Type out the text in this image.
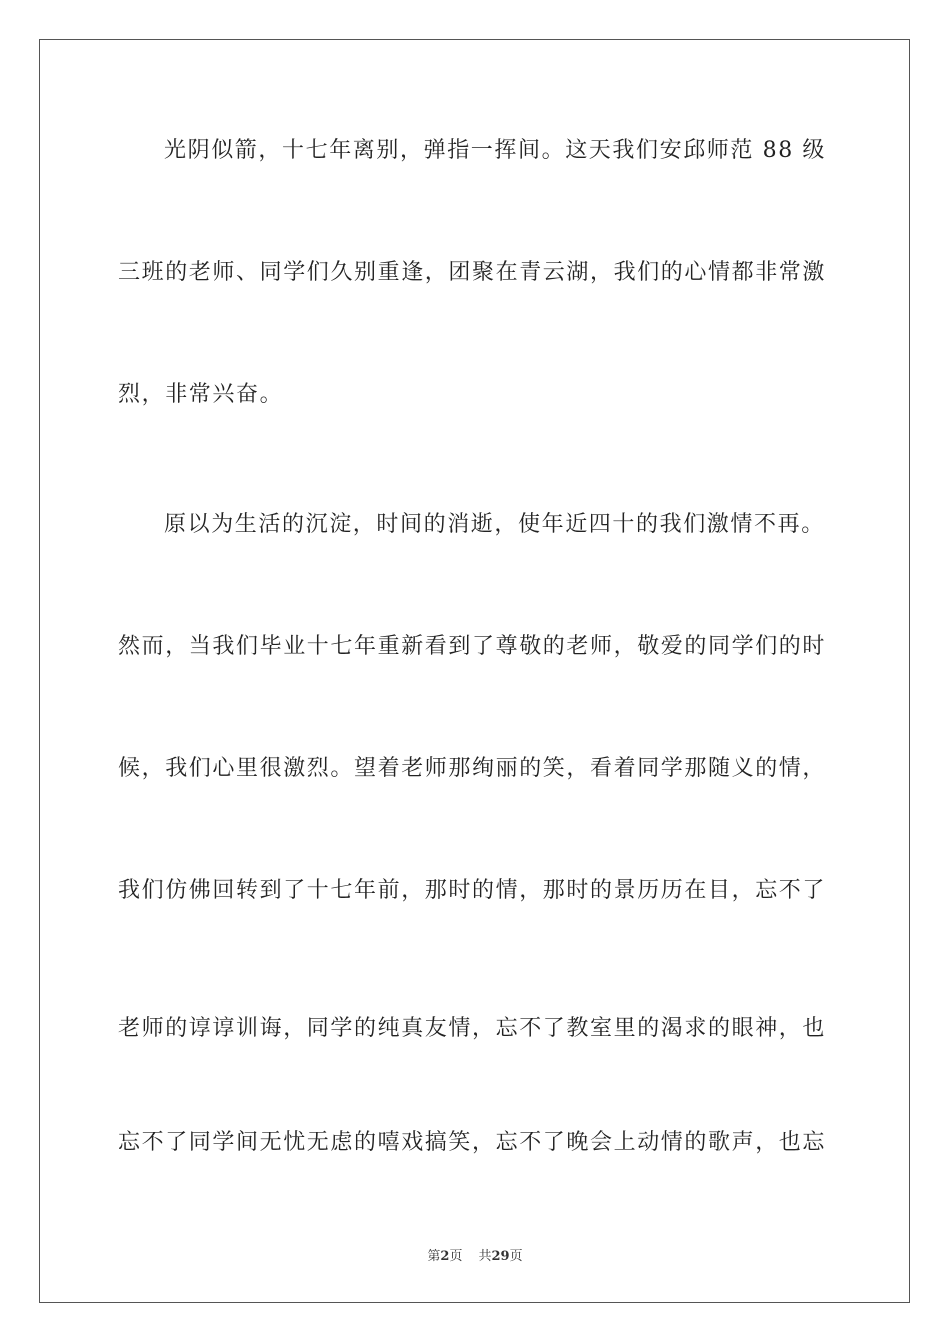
光阴似箭，十七年离别，弹指一挥间。这天我们安邱师范 88 级
三班的老师、同学们久别重逢，团聚在青云湖，我们的心情都非常激
烈，非常兴奋。
原以为生活的沉淀，时间的消逝，使年近四十的我们激情不再。
然而，当我们毕业十七年重新看到了尊敬的老师，敬爱的同学们的时
候，我们心里很激烈。望着老师那绚丽的笑，看着同学那随义的情，
我们仿佛回转到了十七年前，那时的情，那时的景历历在目，忘不了
老师的谆谆训诲，同学的纯真友情，忘不了教室里的渴求的眼神，也
忘不了同学间无忧无虑的嘻戏搞笑，忘不了晚会上动情的歌声，也忘
第2页 共29页
